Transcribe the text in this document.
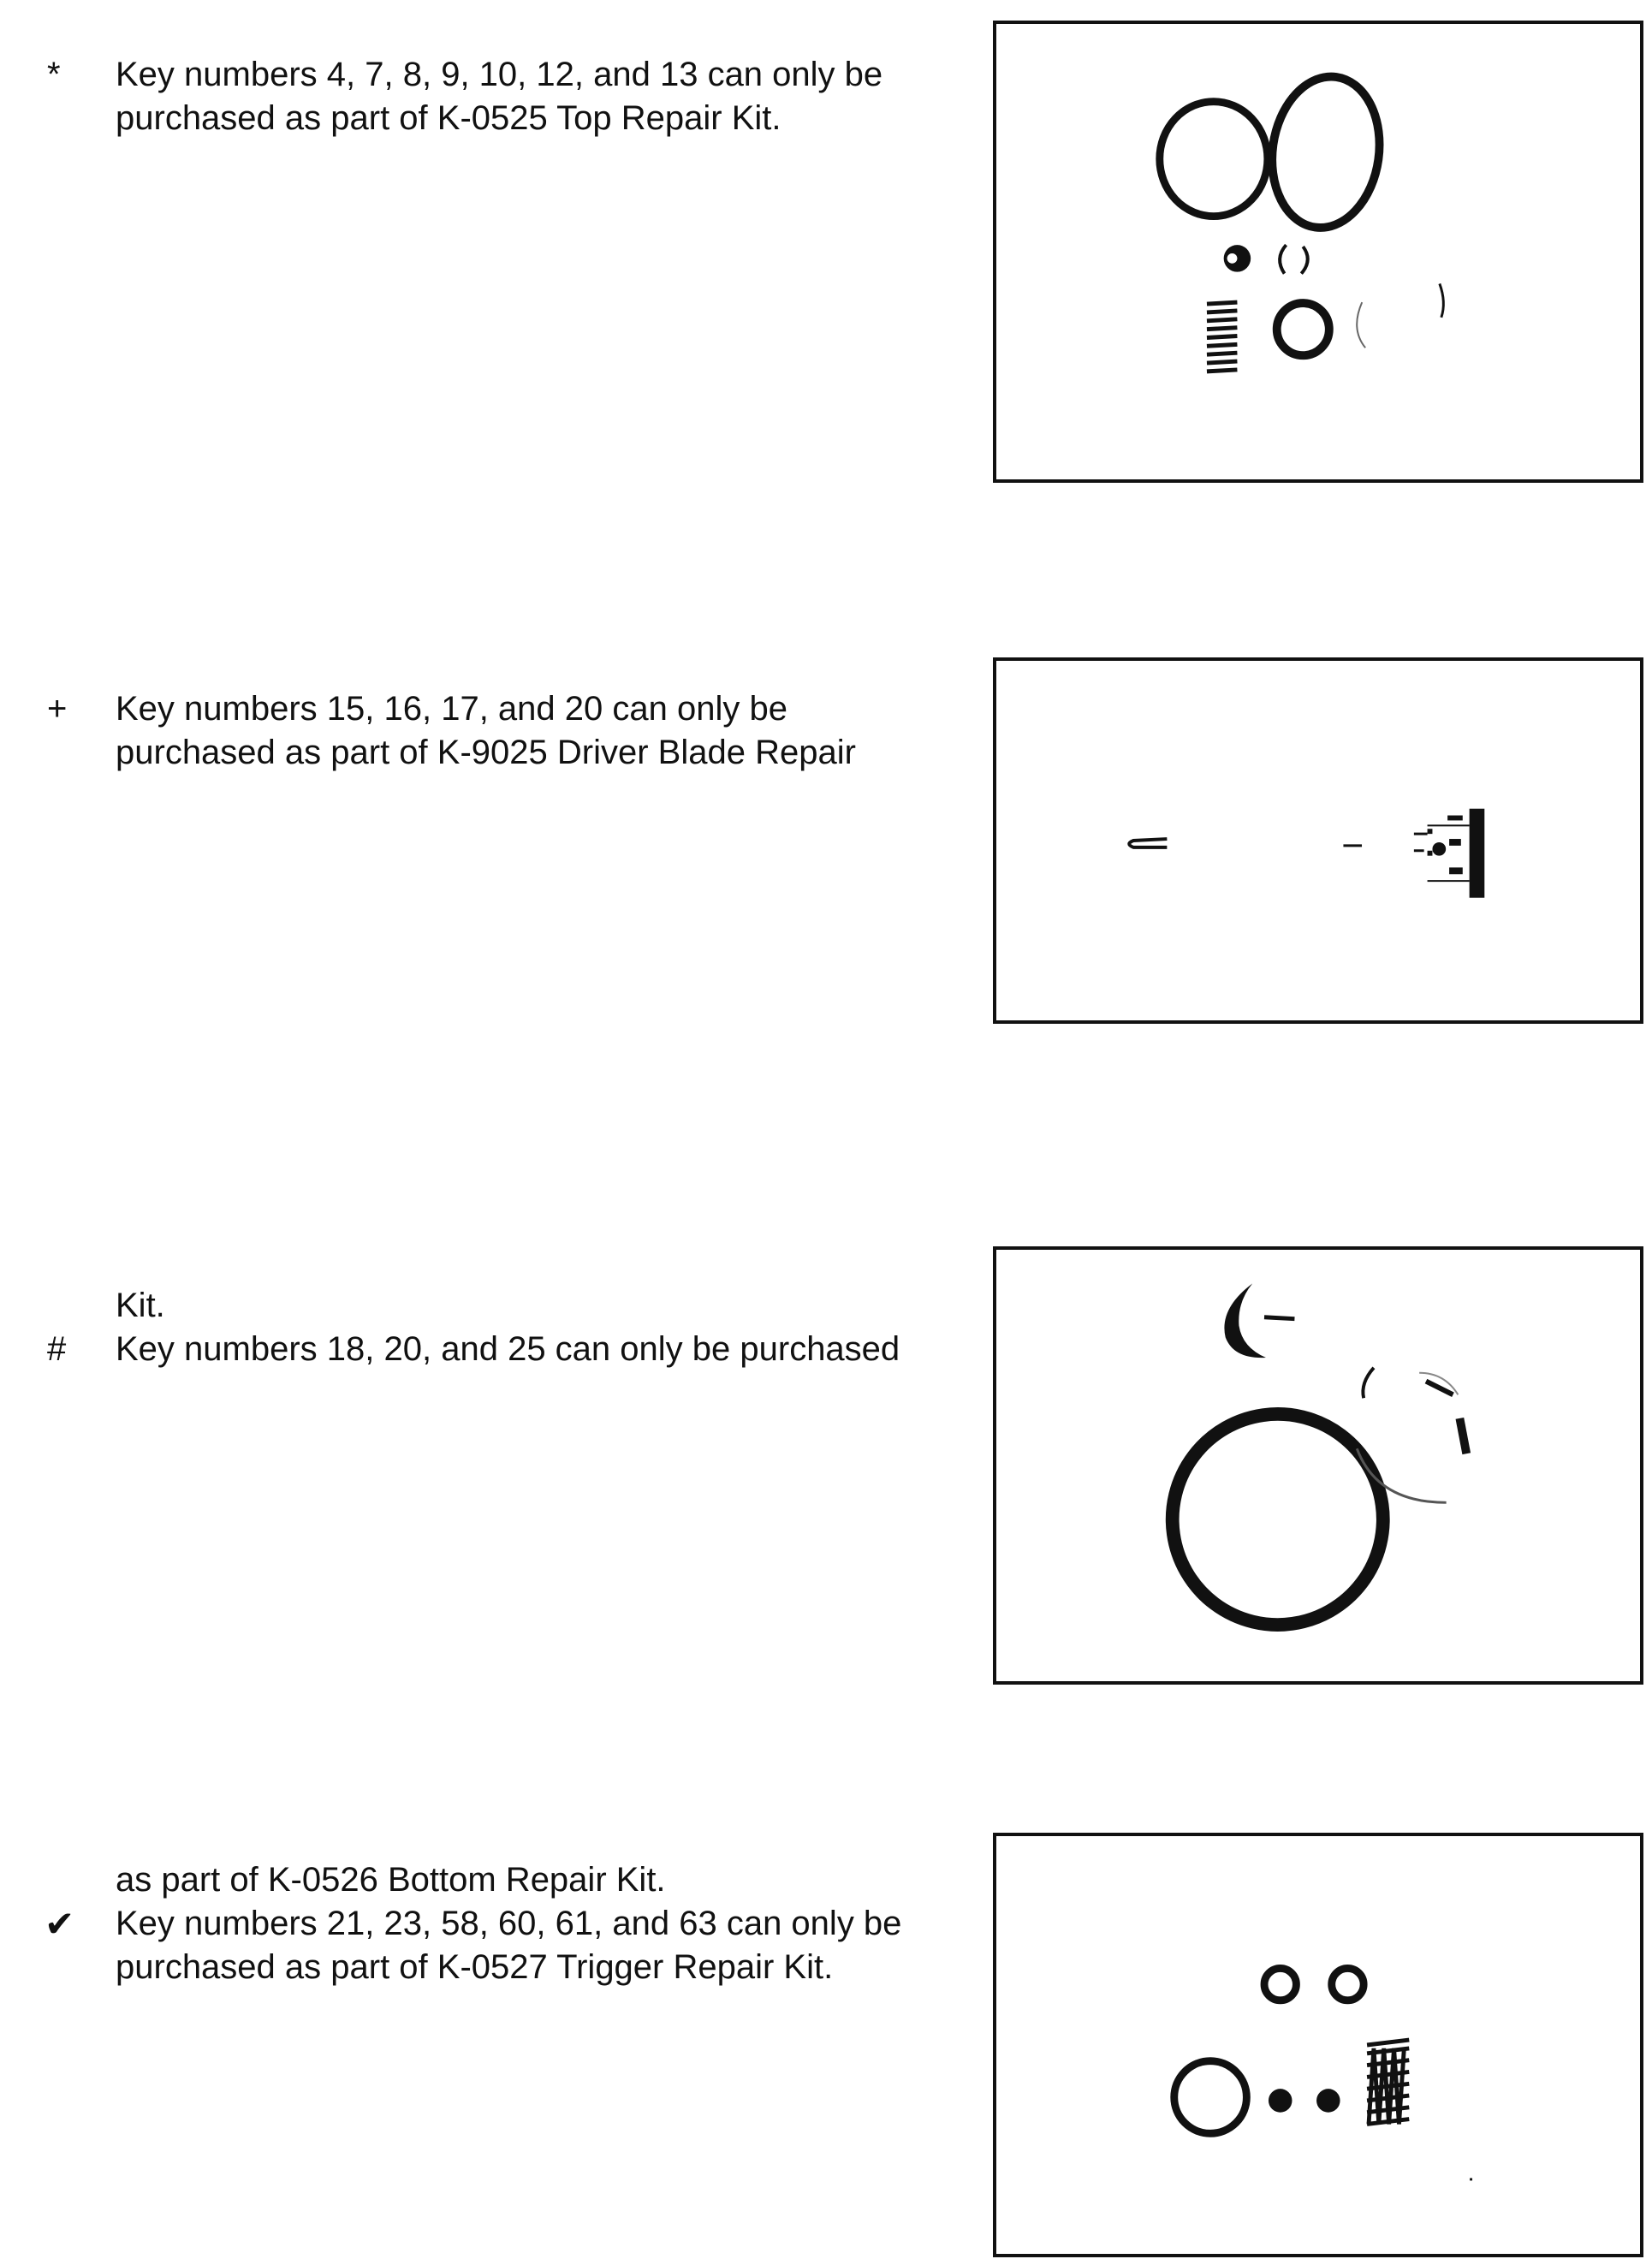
*	Key numbers 4, 7, 8, 9, 10, 12, and 13 can only be
purchased as part of K-0525 Top Repair Kit.
+	Key numbers 15, 16, 17, and 20 can only be
purchased as part of K-9025 Driver Blade Repair
Kit.
#	Key numbers 18, 20, and 25 can only be purchased
as part of K-0526 Bottom Repair Kit.
✔	Key numbers 21, 23, 58, 60, 61, and 63 can only be
purchased as part of K-0527 Trigger Repair Kit.
